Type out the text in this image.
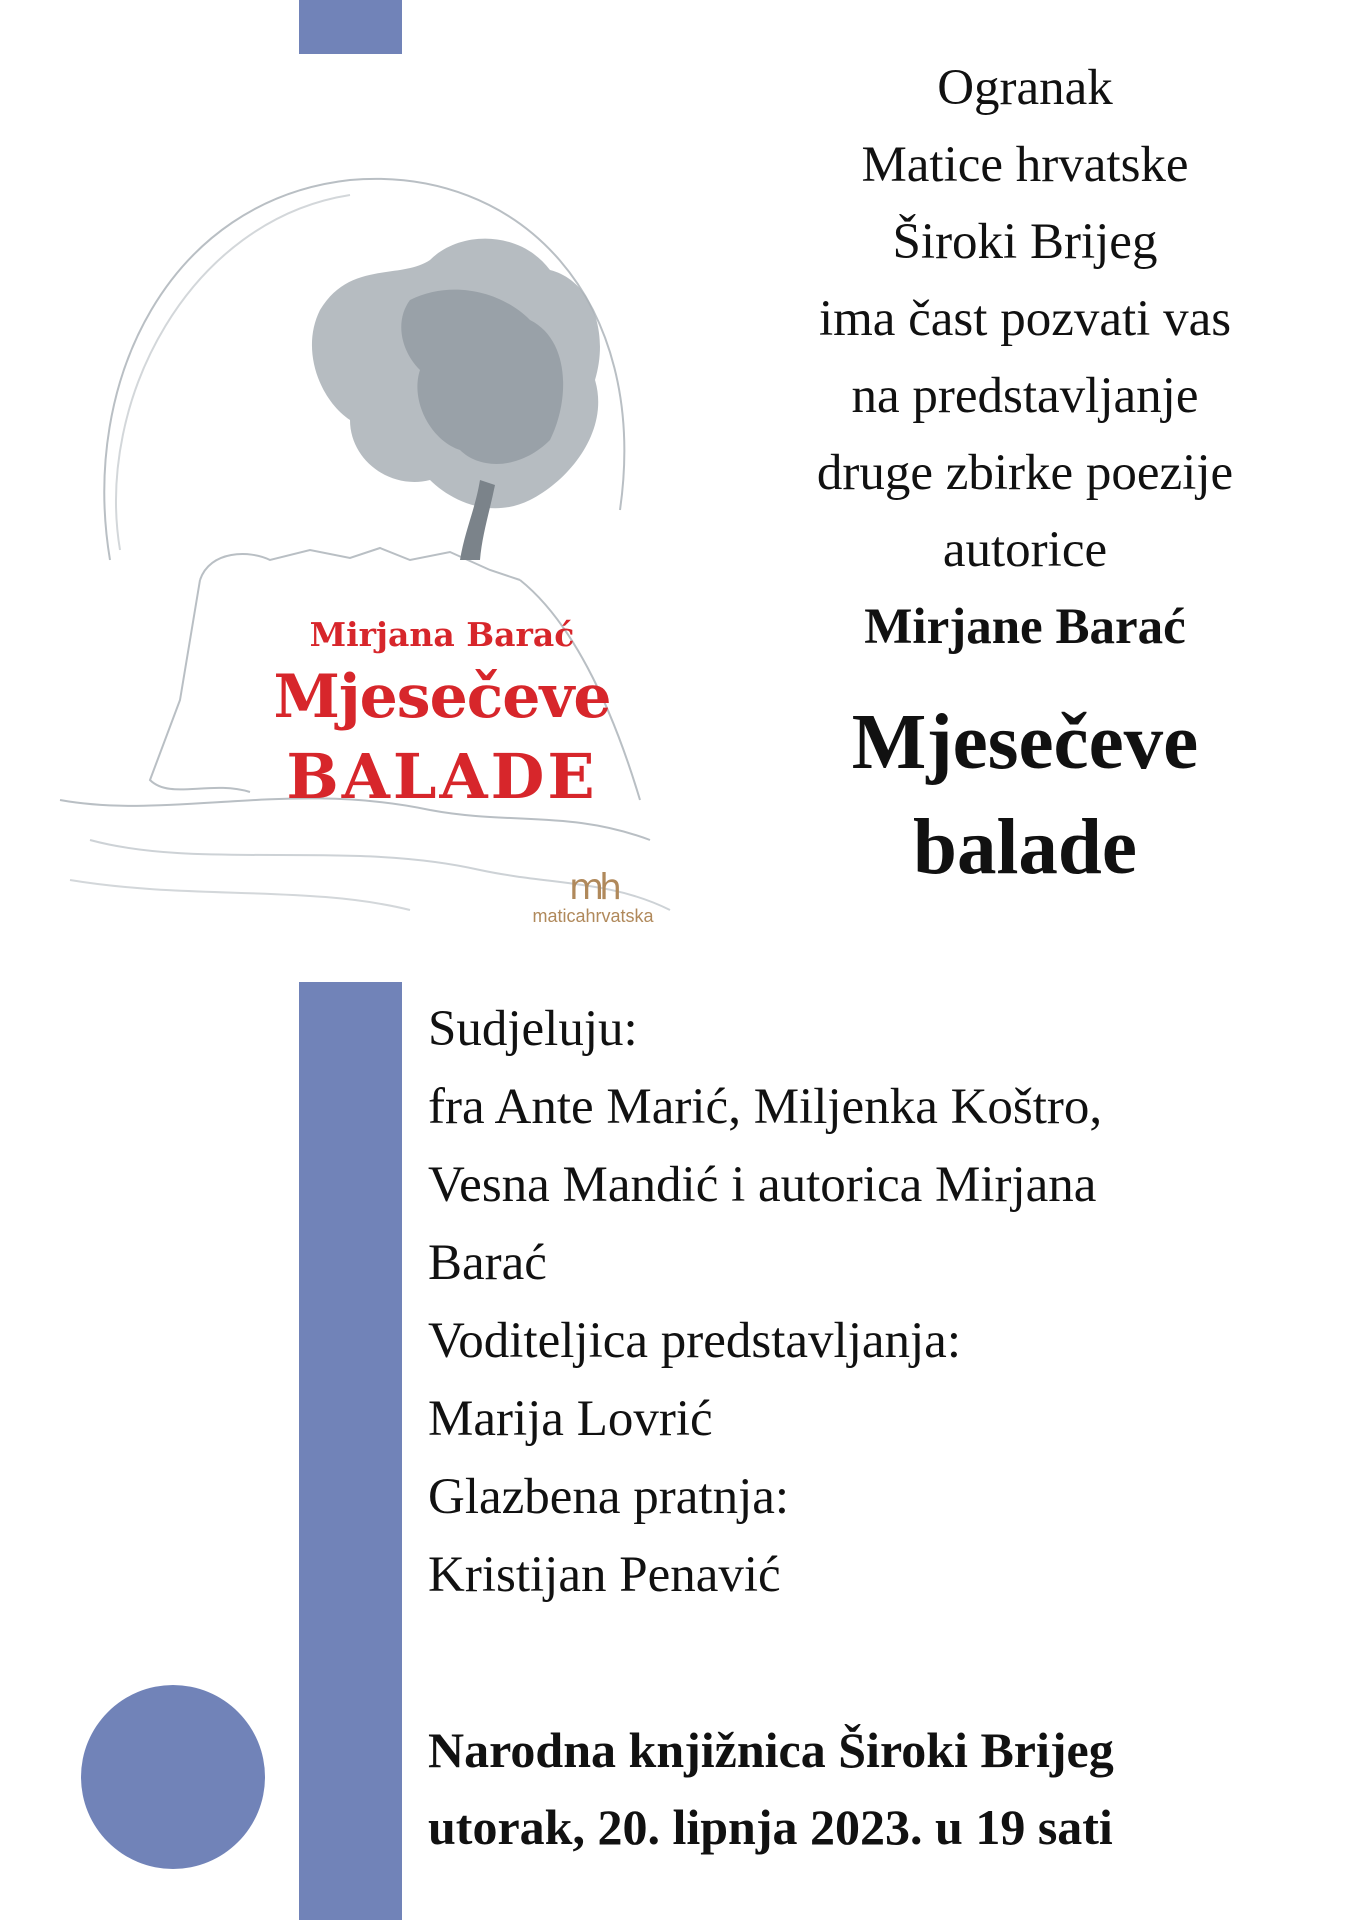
Mirjana Barać
Mjesečeve
BALADE
mh
maticahrvatska
Ogranak
Matice hrvatske
Široki Brijeg
ima čast pozvati vas
na predstavljanje
druge zbirke poezije
autorice
Mirjane Barać
Mjesečeve
balade
Sudjeluju:
fra Ante Marić, Miljenka Koštro,
Vesna Mandić i autorica Mirjana
Barać
Voditeljica predstavljanja:
Marija Lovrić
Glazbena pratnja:
Kristijan Penavić
Narodna knjižnica Široki Brijeg
utorak, 20. lipnja 2023. u 19 sati
